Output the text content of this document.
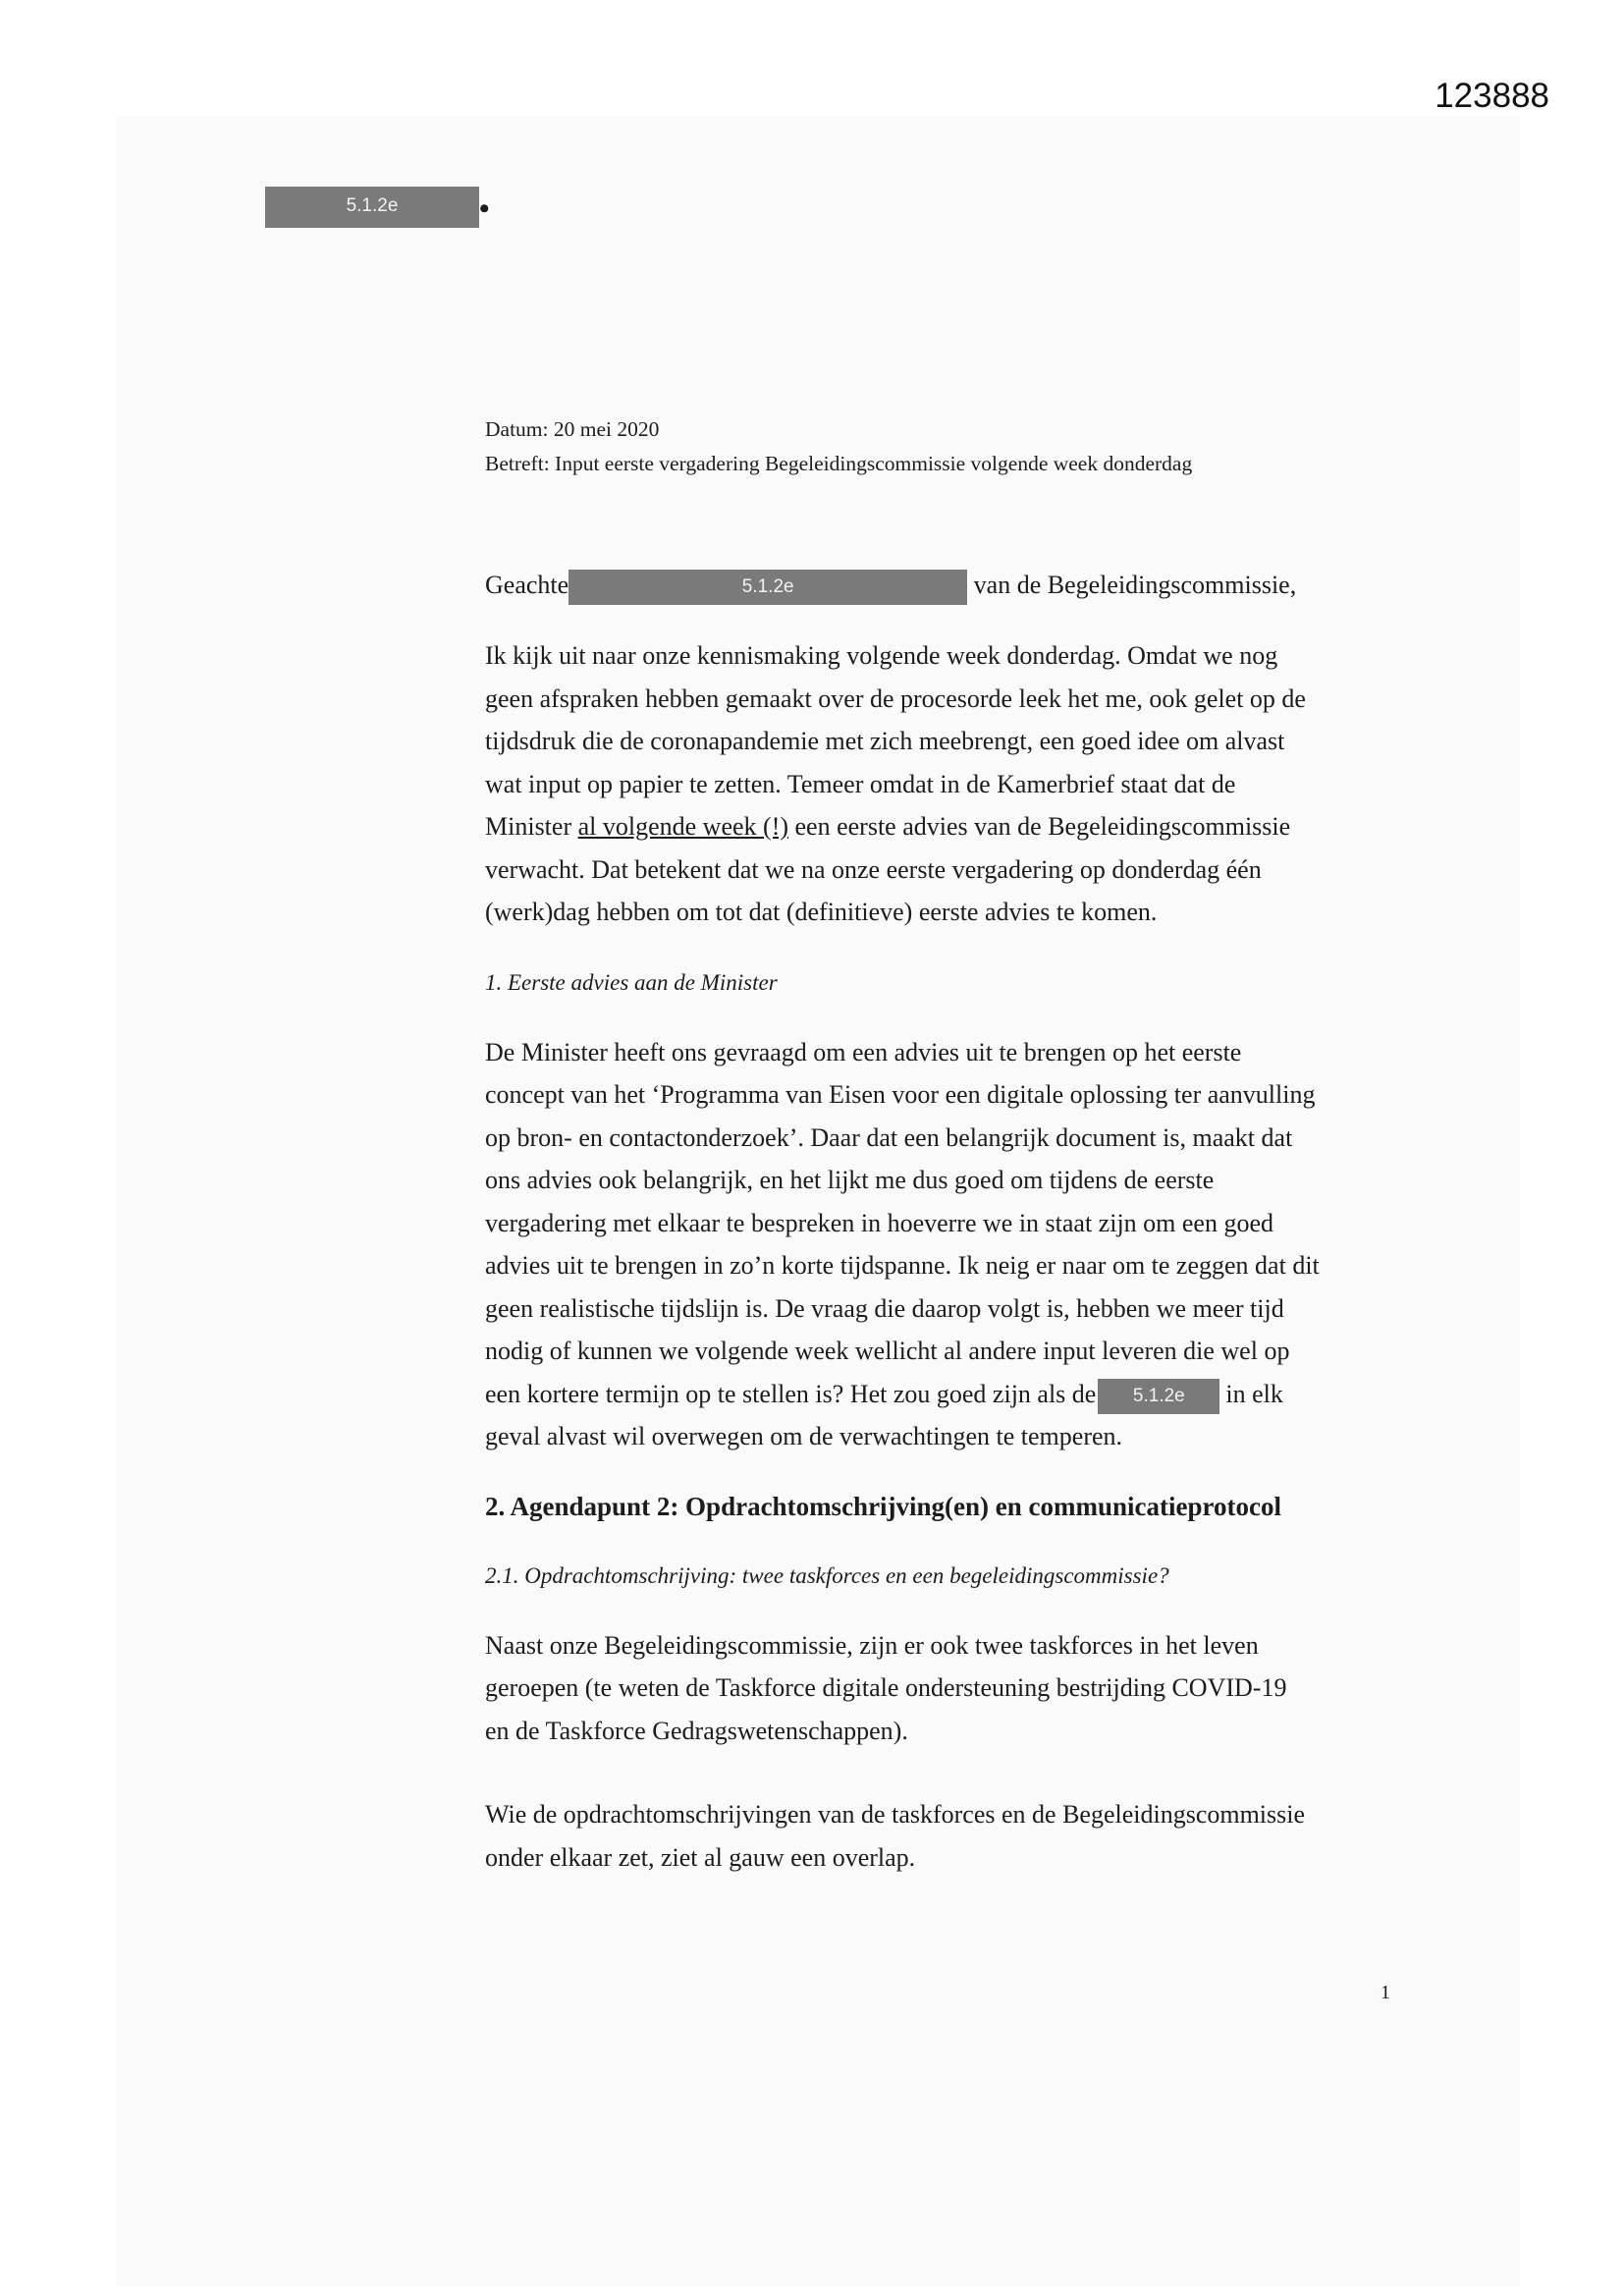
123888
5.1.2e	•
Datum: 20 mei 2020
Betreft: Input eerste vergadering Begeleidingscommissie volgende week donderdag

Geachte	5.1.2e	van de Begeleidingscommissie,

Ik kijk uit naar onze kennismaking volgende week donderdag. Omdat we nog
geen afspraken hebben gemaakt over de procesorde leek het me, ook gelet op de
tijdsdruk die de coronapandemie met zich meebrengt, een goed idee om alvast
wat input op papier te zetten. Temeer omdat in de Kamerbrief staat dat de
Minister al volgende week (!) een eerste advies van de Begeleidingscommissie
verwacht. Dat betekent dat we na onze eerste vergadering op donderdag één
(werk)dag hebben om tot dat (definitieve) eerste advies te komen.

1. Eerste advies aan de Minister

De Minister heeft ons gevraagd om een advies uit te brengen op het eerste
concept van het ‘Programma van Eisen voor een digitale oplossing ter aanvulling
op bron- en contactonderzoek’. Daar dat een belangrijk document is, maakt dat
ons advies ook belangrijk, en het lijkt me dus goed om tijdens de eerste
vergadering met elkaar te bespreken in hoeverre we in staat zijn om een goed
advies uit te brengen in zo’n korte tijdspanne. Ik neig er naar om te zeggen dat dit
geen realistische tijdslijn is. De vraag die daarop volgt is, hebben we meer tijd
nodig of kunnen we volgende week wellicht al andere input leveren die wel op
een kortere termijn op te stellen is? Het zou goed zijn als de 5.1.2e in elk
geval alvast wil overwegen om de verwachtingen te temperen.

2. Agendapunt 2: Opdrachtomschrijving(en) en communicatieprotocol

2.1. Opdrachtomschrijving: twee taskforces en een begeleidingscommissie?

Naast onze Begeleidingscommissie, zijn er ook twee taskforces in het leven
geroepen (te weten de Taskforce digitale ondersteuning bestrijding COVID-19
en de Taskforce Gedragswetenschappen).

Wie de opdrachtomschrijvingen van de taskforces en de Begeleidingscommissie
onder elkaar zet, ziet al gauw een overlap.

1
